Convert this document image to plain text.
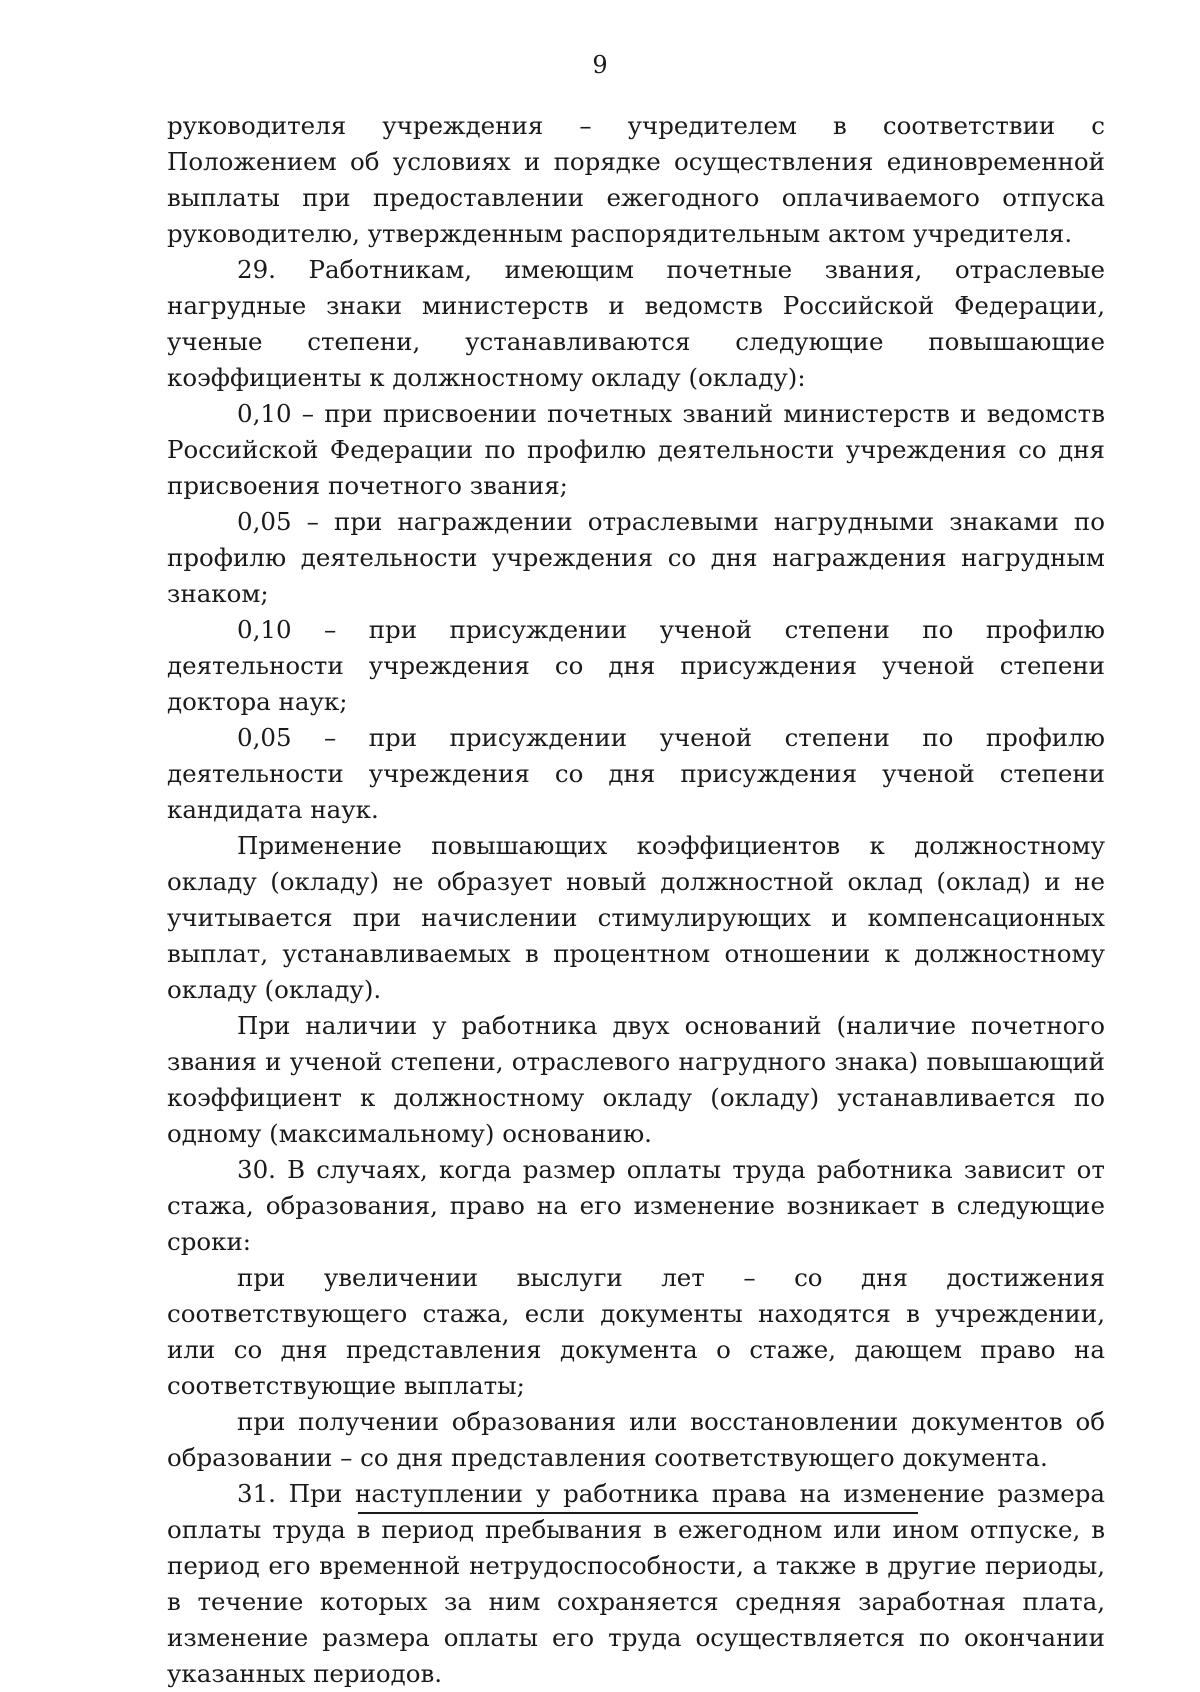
9

руководителя учреждения – учредителем в соответствии с Положением об условиях и порядке осуществления единовременной выплаты при предоставлении ежегодного оплачиваемого отпуска руководителю, утвержденным распорядительным актом учредителя.

29. Работникам, имеющим почетные звания, отраслевые нагрудные знаки министерств и ведомств Российской Федерации, ученые степени, устанавливаются следующие повышающие коэффициенты к должностному окладу (окладу):

0,10 – при присвоении почетных званий министерств и ведомств Российской Федерации по профилю деятельности учреждения со дня присвоения почетного звания;

0,05 – при награждении отраслевыми нагрудными знаками по профилю деятельности учреждения со дня награждения нагрудным знаком;

0,10 – при присуждении ученой степени по профилю деятельности учреждения со дня присуждения ученой степени доктора наук;

0,05 – при присуждении ученой степени по профилю деятельности учреждения со дня присуждения ученой степени кандидата наук.

Применение повышающих коэффициентов к должностному окладу (окладу) не образует новый должностной оклад (оклад) и не учитывается при начислении стимулирующих и компенсационных выплат, устанавливаемых в процентном отношении к должностному окладу (окладу).

При наличии у работника двух оснований (наличие почетного звания и ученой степени, отраслевого нагрудного знака) повышающий коэффициент к должностному окладу (окладу) устанавливается по одному (максимальному) основанию.

30. В случаях, когда размер оплаты труда работника зависит от стажа, образования, право на его изменение возникает в следующие сроки:

при увеличении выслуги лет – со дня достижения соответствующего стажа, если документы находятся в учреждении, или со дня представления документа о стаже, дающем право на соответствующие выплаты;

при получении образования или восстановлении документов об образовании – со дня представления соответствующего документа.

31. При наступлении у работника права на изменение размера оплаты труда в период пребывания в ежегодном или ином отпуске, в период его временной нетрудоспособности, а также в другие периоды, в течение которых за ним сохраняется средняя заработная плата, изменение размера оплаты его труда осуществляется по окончании указанных периодов.
